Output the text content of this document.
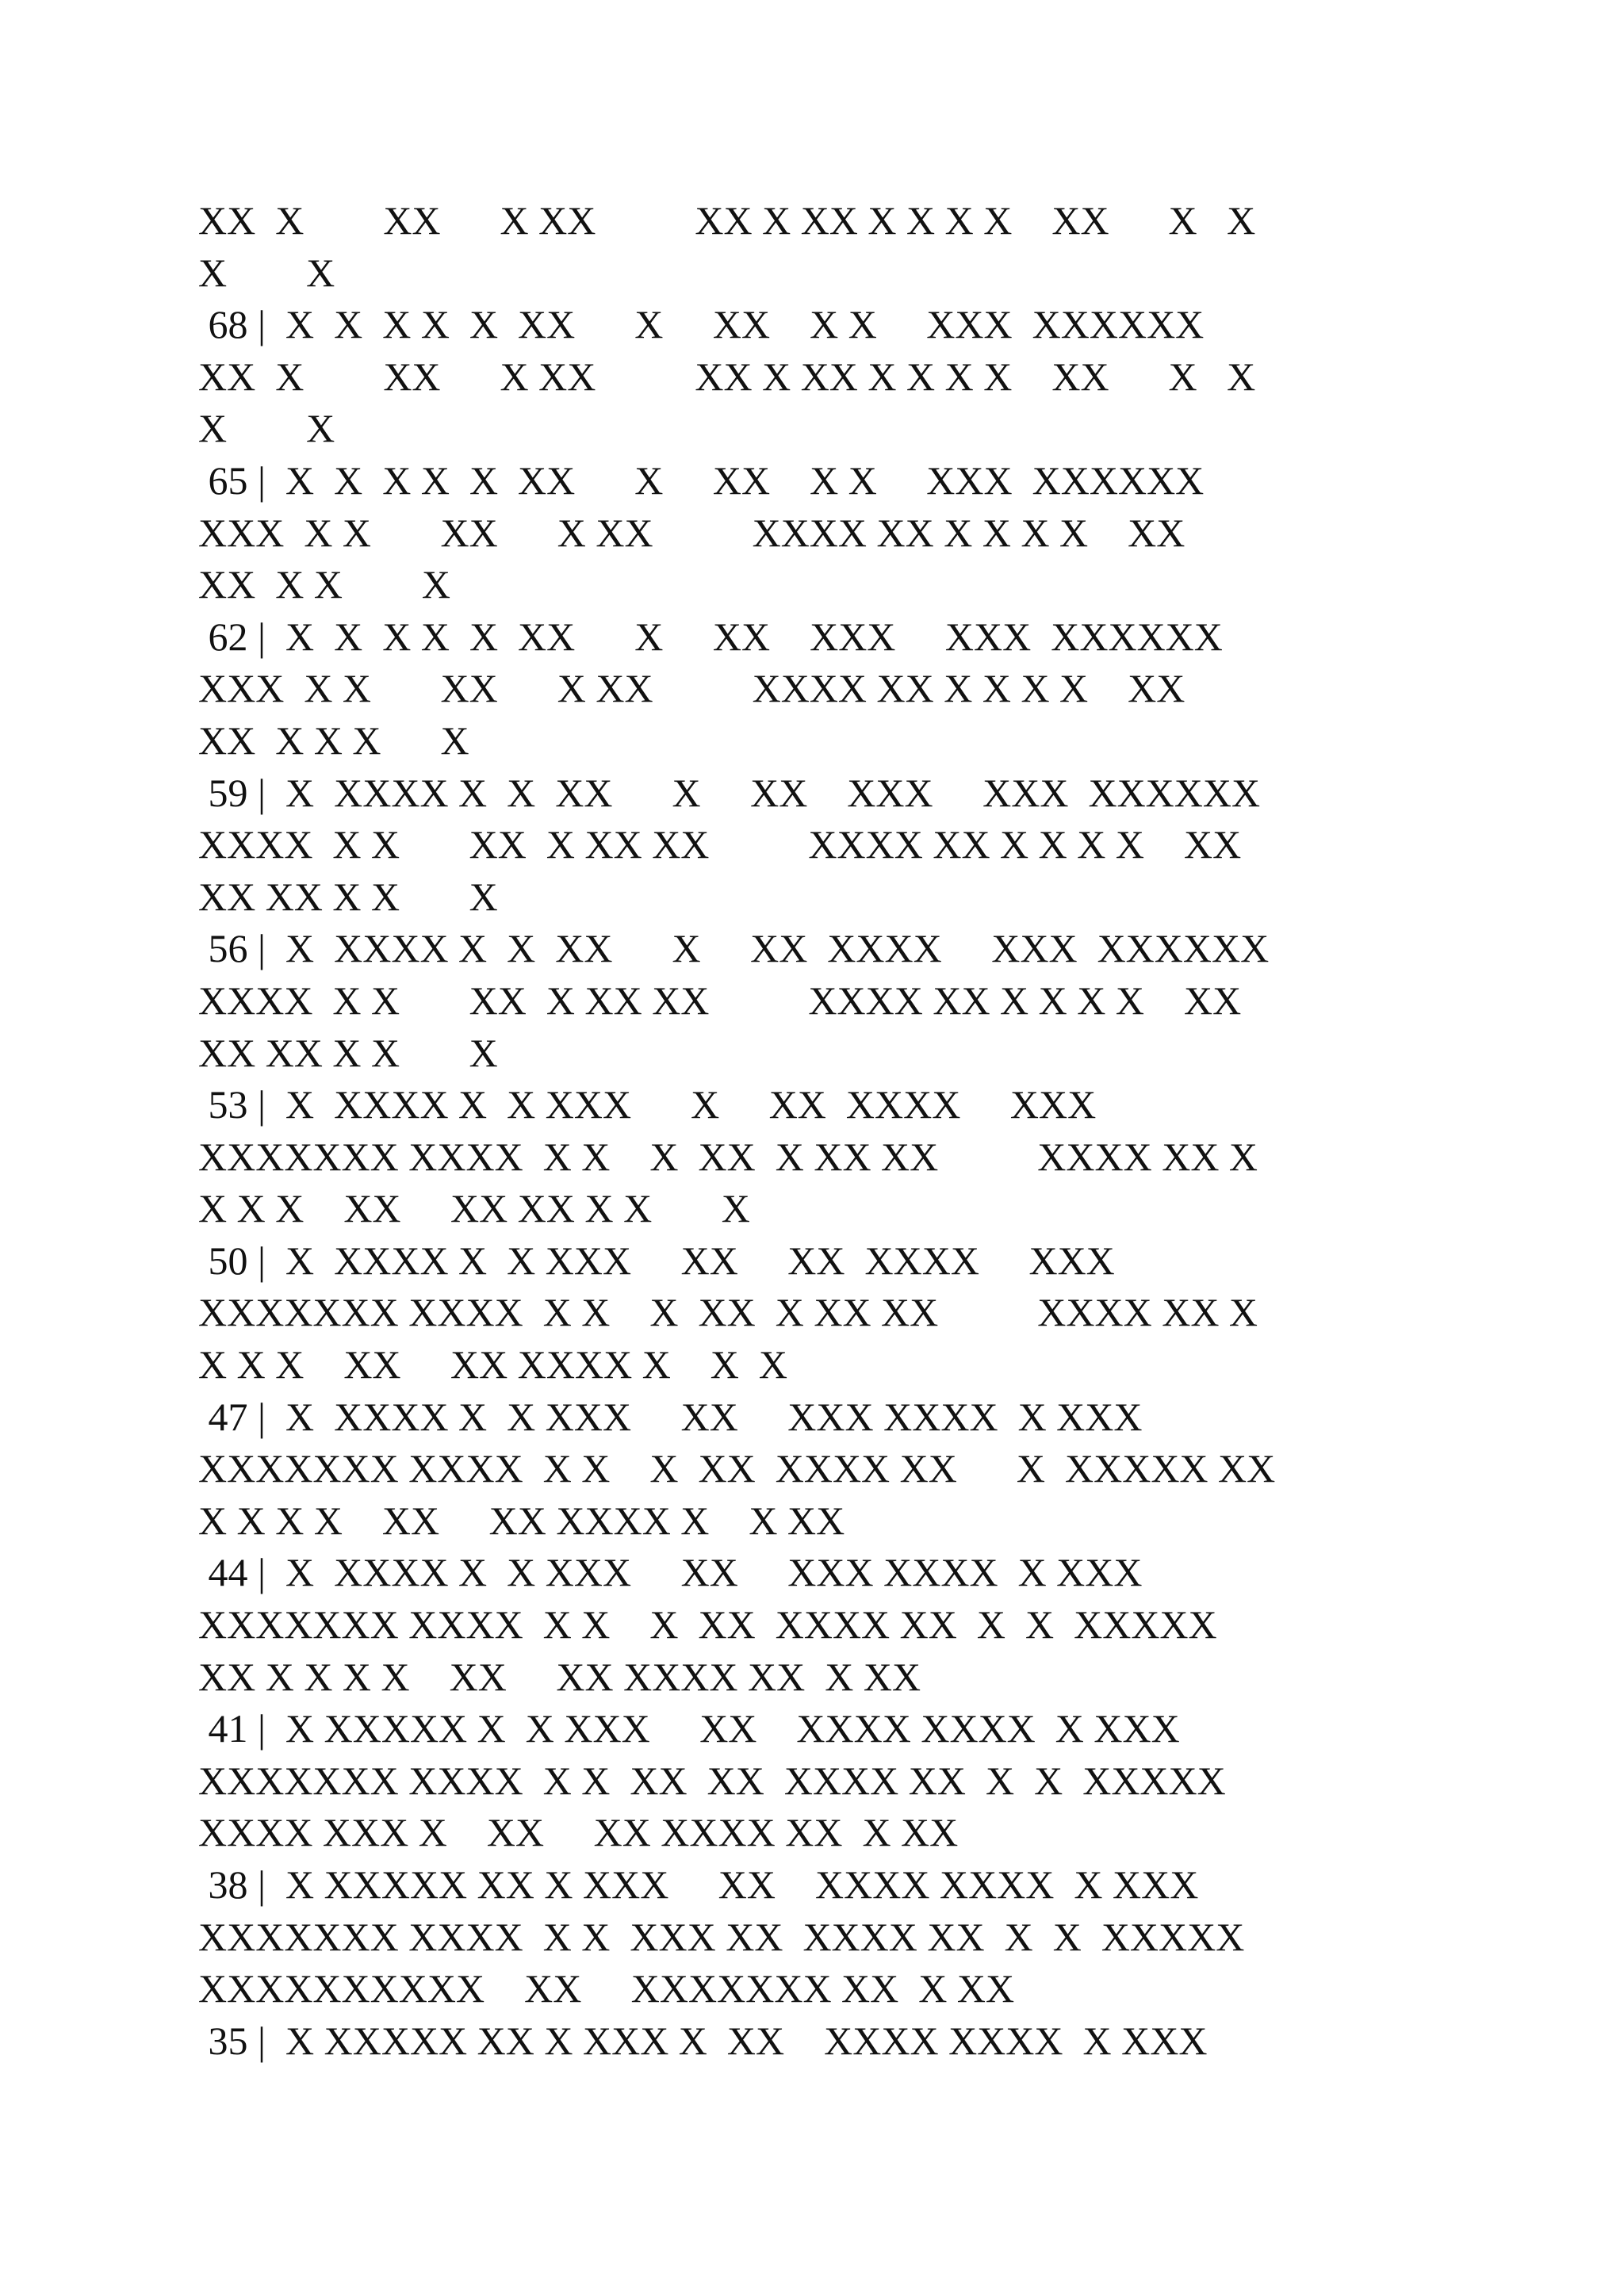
XX  X        XX      X XX          XX X XX X X X X    XX      X   X
X        X
68 |  X  X  X X  X  XX      X     XX    X X     XXX  XXXXXX
XX  X        XX      X XX          XX X XX X X X X    XX      X   X
X        X
65 |  X  X  X X  X  XX      X     XX    X X     XXX  XXXXXX
XXX  X X       XX      X XX          XXXX XX X X X X    XX
XX  X X        X
62 |  X  X  X X  X  XX      X     XX    XXX     XXX  XXXXXX
XXX  X X       XX      X XX          XXXX XX X X X X    XX
XX  X X X      X
59 |  X  XXXX X  X  XX      X     XX    XXX     XXX  XXXXXX
XXXX  X X       XX  X XX XX          XXXX XX X X X X    XX
XX XX X X       X
56 |  X  XXXX X  X  XX      X     XX  XXXX     XXX  XXXXXX
XXXX  X X       XX  X XX XX          XXXX XX X X X X    XX
XX XX X X       X
53 |  X  XXXX X  X XXX      X     XX  XXXX     XXX
XXXXXXX XXXX  X X    X  XX  X XX XX          XXXX XX X
X X X    XX     XX XX X X       X
50 |  X  XXXX X  X XXX     XX     XX  XXXX     XXX
XXXXXXX XXXX  X X    X  XX  X XX XX          XXXX XX X
X X X    XX     XX XXXX X    X  X
47 |  X  XXXX X  X XXX     XX     XXX XXXX  X XXX
XXXXXXX XXXX  X X    X  XX  XXXX XX      X  XXXXX XX
X X X X    XX     XX XXXX X    X XX
44 |  X  XXXX X  X XXX     XX     XXX XXXX  X XXX
XXXXXXX XXXX  X X    X  XX  XXXX XX  X  X  XXXXX
XX X X X X    XX     XX XXXX XX  X XX
41 |  X XXXXX X  X XXX     XX    XXXX XXXX  X XXX
XXXXXXX XXXX  X X  XX  XX  XXXX XX  X  X  XXXXX
XXXX XXX X    XX     XX XXXX XX  X XX
38 |  X XXXXX XX X XXX     XX    XXXX XXXX  X XXX
XXXXXXX XXXX  X X  XXX XX  XXXX XX  X  X  XXXXX
XXXXXXXXXX    XX     XXXXXXX XX  X XX
35 |  X XXXXX XX X XXX X  XX    XXXX XXXX  X XXX
